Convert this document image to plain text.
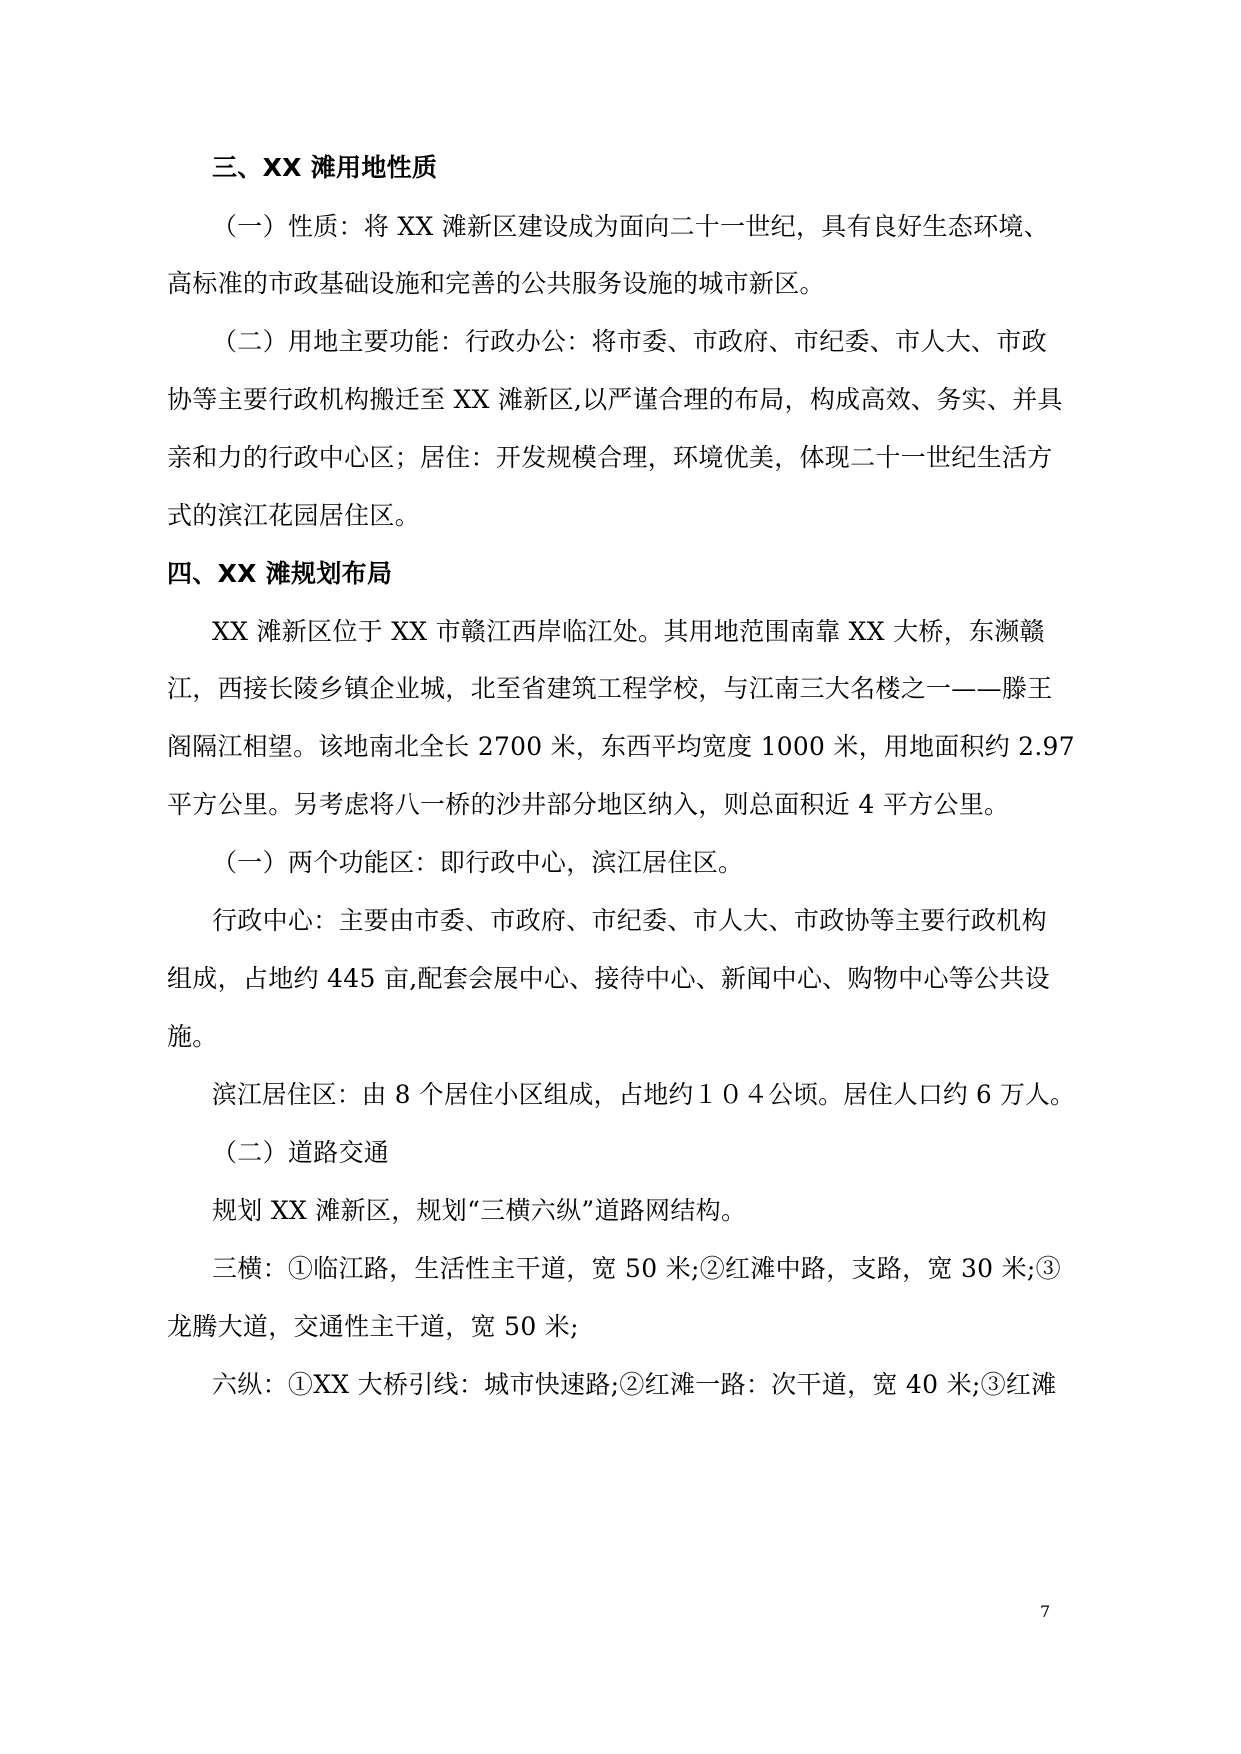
三、XX 滩用地性质
（一）性质：将 XX 滩新区建设成为面向二十一世纪，具有良好生态环境、
高标准的市政基础设施和完善的公共服务设施的城市新区。
（二）用地主要功能：行政办公：将市委、市政府、市纪委、市人大、市政
协等主要行政机构搬迁至 XX 滩新区,以严谨合理的布局，构成高效、务实、并具
亲和力的行政中心区；居住：开发规模合理，环境优美，体现二十一世纪生活方
式的滨江花园居住区。
四、XX 滩规划布局
XX 滩新区位于 XX 市赣江西岸临江处。其用地范围南靠 XX 大桥，东濒赣
江，西接长陵乡镇企业城，北至省建筑工程学校，与江南三大名楼之一——滕王
阁隔江相望。该地南北全长 2700 米，东西平均宽度 1000 米，用地面积约 2.97
平方公里。另考虑将八一桥的沙井部分地区纳入，则总面积近 4 平方公里。
（一）两个功能区：即行政中心，滨江居住区。
行政中心：主要由市委、市政府、市纪委、市人大、市政协等主要行政机构
组成，占地约 445 亩,配套会展中心、接待中心、新闻中心、购物中心等公共设
施。
滨江居住区：由 8 个居住小区组成，占地约１０４公顷。居住人口约 6 万人。
（二）道路交通
规划 XX 滩新区，规划“三横六纵”道路网结构。
三横：①临江路，生活性主干道，宽 50 米;②红滩中路，支路，宽 30 米;③
龙腾大道，交通性主干道，宽 50 米;
六纵：①XX 大桥引线：城市快速路;②红滩一路：次干道，宽 40 米;③红滩
7
